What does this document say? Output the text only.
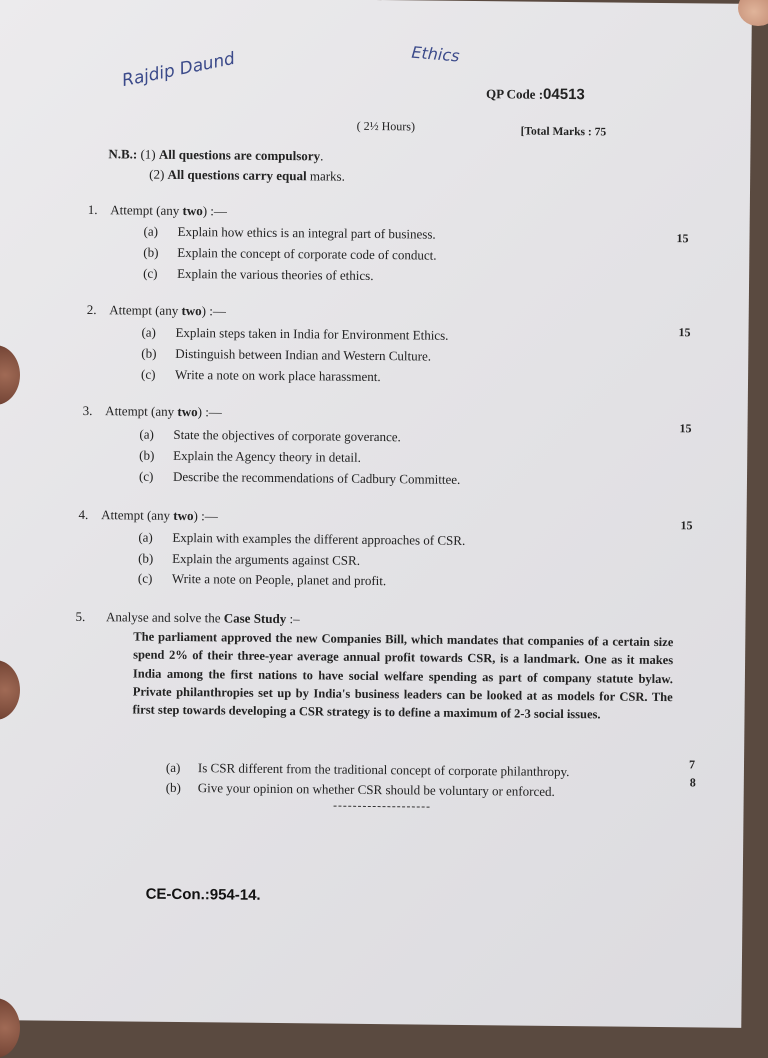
Rajdip Daund	Ethics
QP Code :04513
( 2½ Hours)	[Total Marks : 75
N.B.: (1) All questions are compulsory.
(2) All questions carry equal marks.
1. Attempt (any two) :—
15
(a) Explain how ethics is an integral part of business.
(b) Explain the concept of corporate code of conduct.
(c) Explain the various theories of ethics.
2. Attempt (any two) :—
15
(a) Explain steps taken in India for Environment Ethics.
(b) Distinguish between Indian and Western Culture.
(c) Write a note on work place harassment.
3. Attempt (any two) :—
15
(a) State the objectives of corporate goverance.
(b) Explain the Agency theory in detail.
(c) Describe the recommendations of Cadbury Committee.
4. Attempt (any two) :—
15
(a) Explain with examples the different approaches of CSR.
(b) Explain the arguments against CSR.
(c) Write a note on People, planet and profit.
5. Analyse and solve the Case Study :–
The parliament approved the new Companies Bill, which mandates that companies of a certain size spend 2% of their three-year average annual profit towards CSR, is a landmark. One as it makes India among the first nations to have social welfare spending as part of company statute bylaw. Private philanthropies set up by India's business leaders can be looked at as models for CSR. The first step towards developing a CSR strategy is to define a maximum of 2-3 social issues.
(a) Is CSR different from the traditional concept of corporate philanthropy.	7
(b) Give your opinion on whether CSR should be voluntary or enforced.	8
CE-Con.:954-14.
